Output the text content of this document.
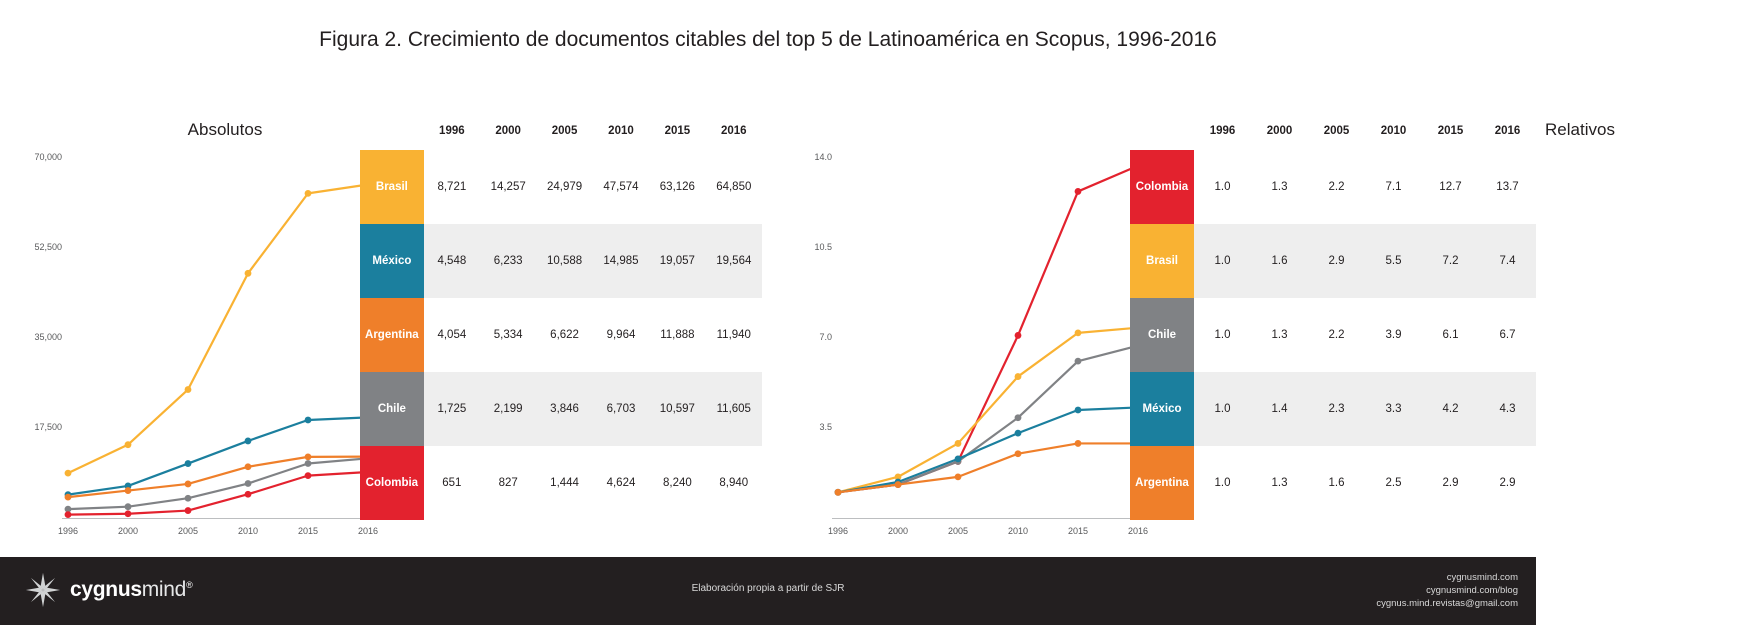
Figura 2. Crecimiento de documentos citables del top 5 de Latinoamérica en Scopus, 1996-2016
Absolutos
17,500
35,000
52,500
70,000
1996	2000	2005	2010	2015	2016
	1996	2000	2005	2010	2015	2016
Brasil	8,721	14,257	24,979	47,574	63,126	64,850
México	4,548	6,233	10,588	14,985	19,057	19,564
Argentina	4,054	5,334	6,622	9,964	11,888	11,940
Chile	1,725	2,199	3,846	6,703	10,597	11,605
Colombia	651	827	1,444	4,624	8,240	8,940
Relativos
3.5
7.0
10.5
14.0
1996	2000	2005	2010	2015	2016
	1996	2000	2005	2010	2015	2016
Colombia	1.0	1.3	2.2	7.1	12.7	13.7
Brasil	1.0	1.6	2.9	5.5	7.2	7.4
Chile	1.0	1.3	2.2	3.9	6.1	6.7
México	1.0	1.4	2.3	3.3	4.2	4.3
Argentina	1.0	1.3	1.6	2.5	2.9	2.9
cygnusmind®	Elaboración propia a partir de SJR
cygnusmind.com
cygnusmind.com/blog
cygnus.mind.revistas@gmail.com
